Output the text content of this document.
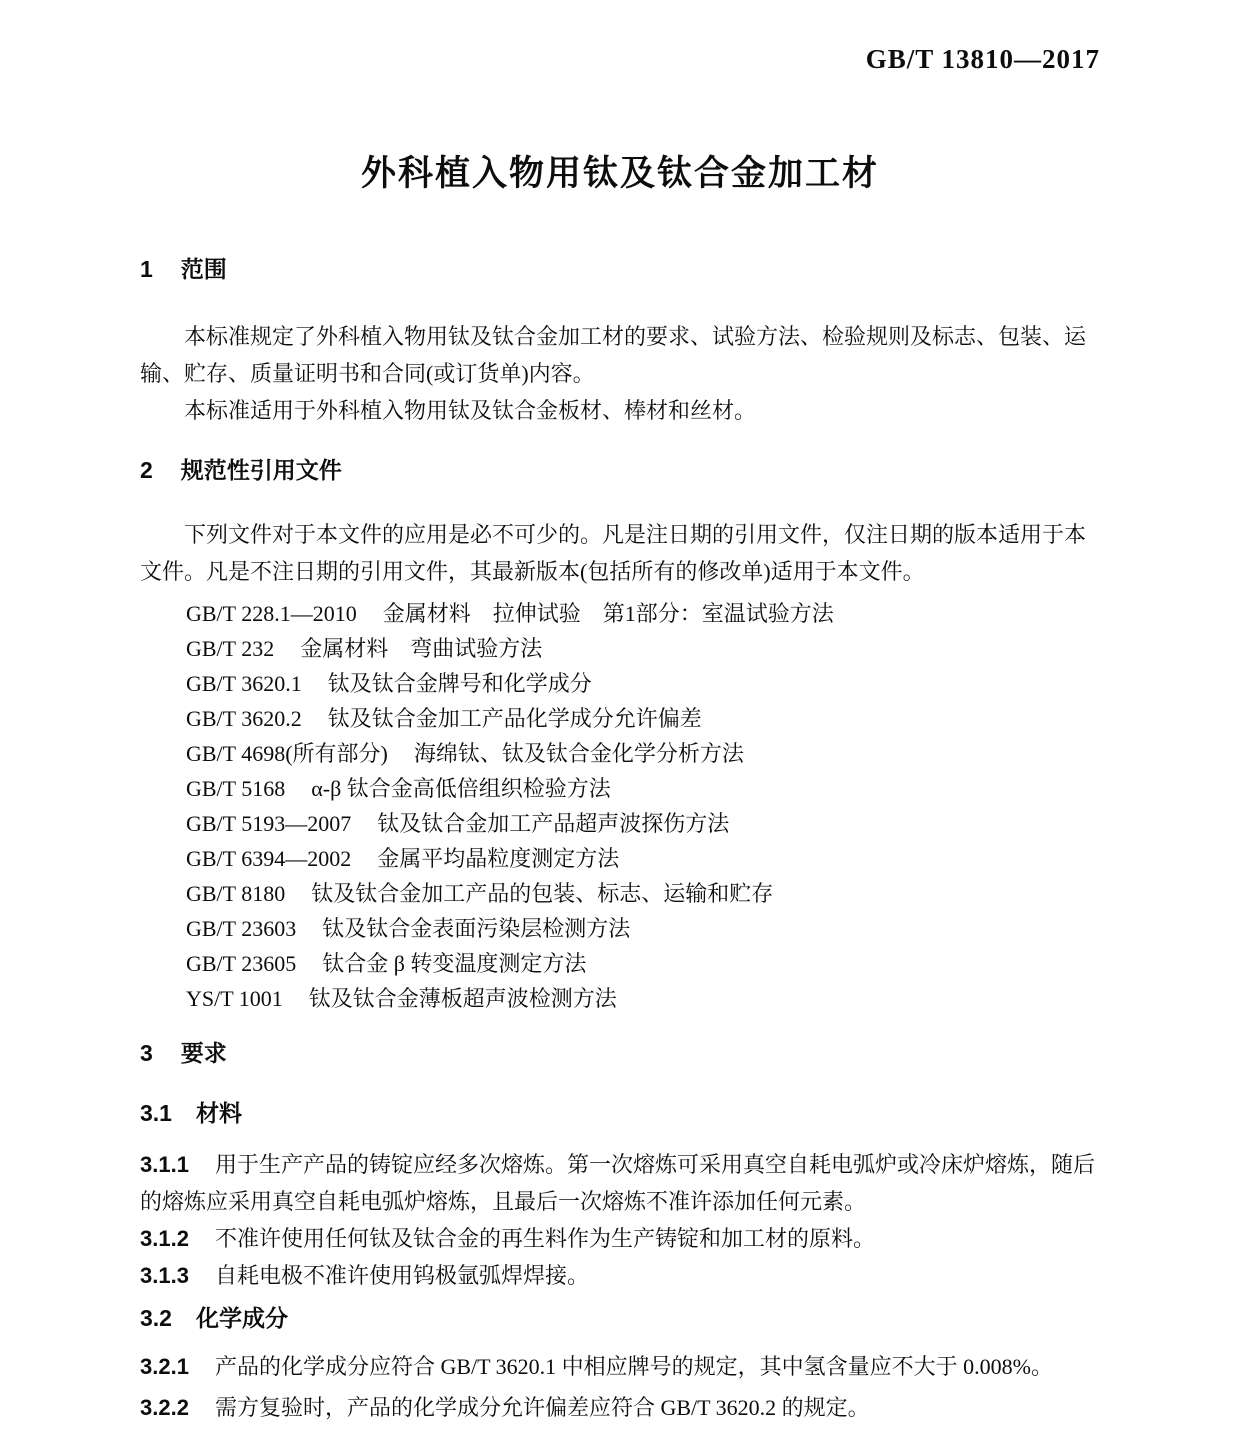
GB/T 13810—2017
外科植入物用钛及钛合金加工材
1 范围

本标准规定了外科植入物用钛及钛合金加工材的要求、试验方法、检验规则及标志、包装、运输、贮存、质量证明书和合同(或订货单)内容。

本标准适用于外科植入物用钛及钛合金板材、棒材和丝材。

2 规范性引用文件

下列文件对于本文件的应用是必不可少的。凡是注日期的引用文件，仅注日期的版本适用于本文件。凡是不注日期的引用文件，其最新版本(包括所有的修改单)适用于本文件。

GB/T 228.1—2010 金属材料　拉伸试验　第1部分：室温试验方法
GB/T 232 金属材料　弯曲试验方法
GB/T 3620.1 钛及钛合金牌号和化学成分
GB/T 3620.2 钛及钛合金加工产品化学成分允许偏差
GB/T 4698(所有部分) 海绵钛、钛及钛合金化学分析方法
GB/T 5168 α-β 钛合金高低倍组织检验方法
GB/T 5193—2007 钛及钛合金加工产品超声波探伤方法
GB/T 6394—2002 金属平均晶粒度测定方法
GB/T 8180 钛及钛合金加工产品的包装、标志、运输和贮存
GB/T 23603 钛及钛合金表面污染层检测方法
GB/T 23605 钛合金 β 转变温度测定方法
YS/T 1001 钛及钛合金薄板超声波检测方法
3 要求
3.1 材料

3.1.1 用于生产产品的铸锭应经多次熔炼。第一次熔炼可采用真空自耗电弧炉或冷床炉熔炼，随后的熔炼应采用真空自耗电弧炉熔炼，且最后一次熔炼不准许添加任何元素。

3.1.2 不准许使用任何钛及钛合金的再生料作为生产铸锭和加工材的原料。

3.1.3 自耗电极不准许使用钨极氩弧焊焊接。

3.2 化学成分

3.2.1 产品的化学成分应符合 GB/T 3620.1 中相应牌号的规定，其中氢含量应不大于 0.008%。

3.2.2 需方复验时，产品的化学成分允许偏差应符合 GB/T 3620.2 的规定。
